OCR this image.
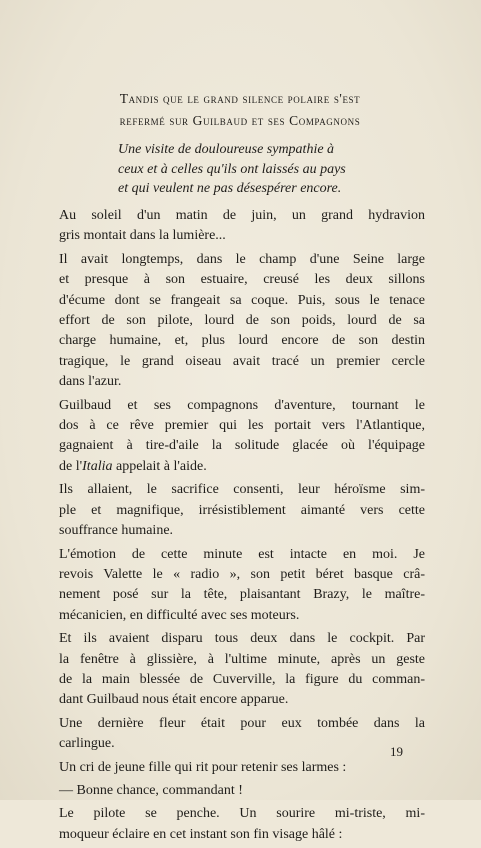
Tandis que le grand silence polaire s'est
refermé sur Guilbaud et ses Compagnons
Une visite de douloureuse sympathie à
ceux et à celles qu'ils ont laissés au pays
et qui veulent ne pas désespérer encore.

Au soleil d'un matin de juin, un grand hydravion
gris montait dans la lumière...

Il avait longtemps, dans le champ d'une Seine large
et presque à son estuaire, creusé les deux sillons
d'écume dont se frangeait sa coque. Puis, sous le tenace
effort de son pilote, lourd de son poids, lourd de sa
charge humaine, et, plus lourd encore de son destin
tragique, le grand oiseau avait tracé un premier cercle
dans l'azur.

Guilbaud et ses compagnons d'aventure, tournant le
dos à ce rêve premier qui les portait vers l'Atlantique,
gagnaient à tire-d'aile la solitude glacée où l'équipage
de l'Italia appelait à l'aide.

Ils allaient, le sacrifice consenti, leur héroïsme sim-
ple et magnifique, irrésistiblement aimanté vers cette
souffrance humaine.

L'émotion de cette minute est intacte en moi. Je
revois Valette le « radio », son petit béret basque crâ-
nement posé sur la tête, plaisantant Brazy, le maître-
mécanicien, en difficulté avec ses moteurs.

Et ils avaient disparu tous deux dans le cockpit. Par
la fenêtre à glissière, à l'ultime minute, après un geste
de la main blessée de Cuverville, la figure du comman-
dant Guilbaud nous était encore apparue.

Une dernière fleur était pour eux tombée dans la
carlingue.

Un cri de jeune fille qui rit pour retenir ses larmes :

— Bonne chance, commandant !

Le pilote se penche. Un sourire mi-triste, mi-
moqueur éclaire en cet instant son fin visage hâlé :

19
